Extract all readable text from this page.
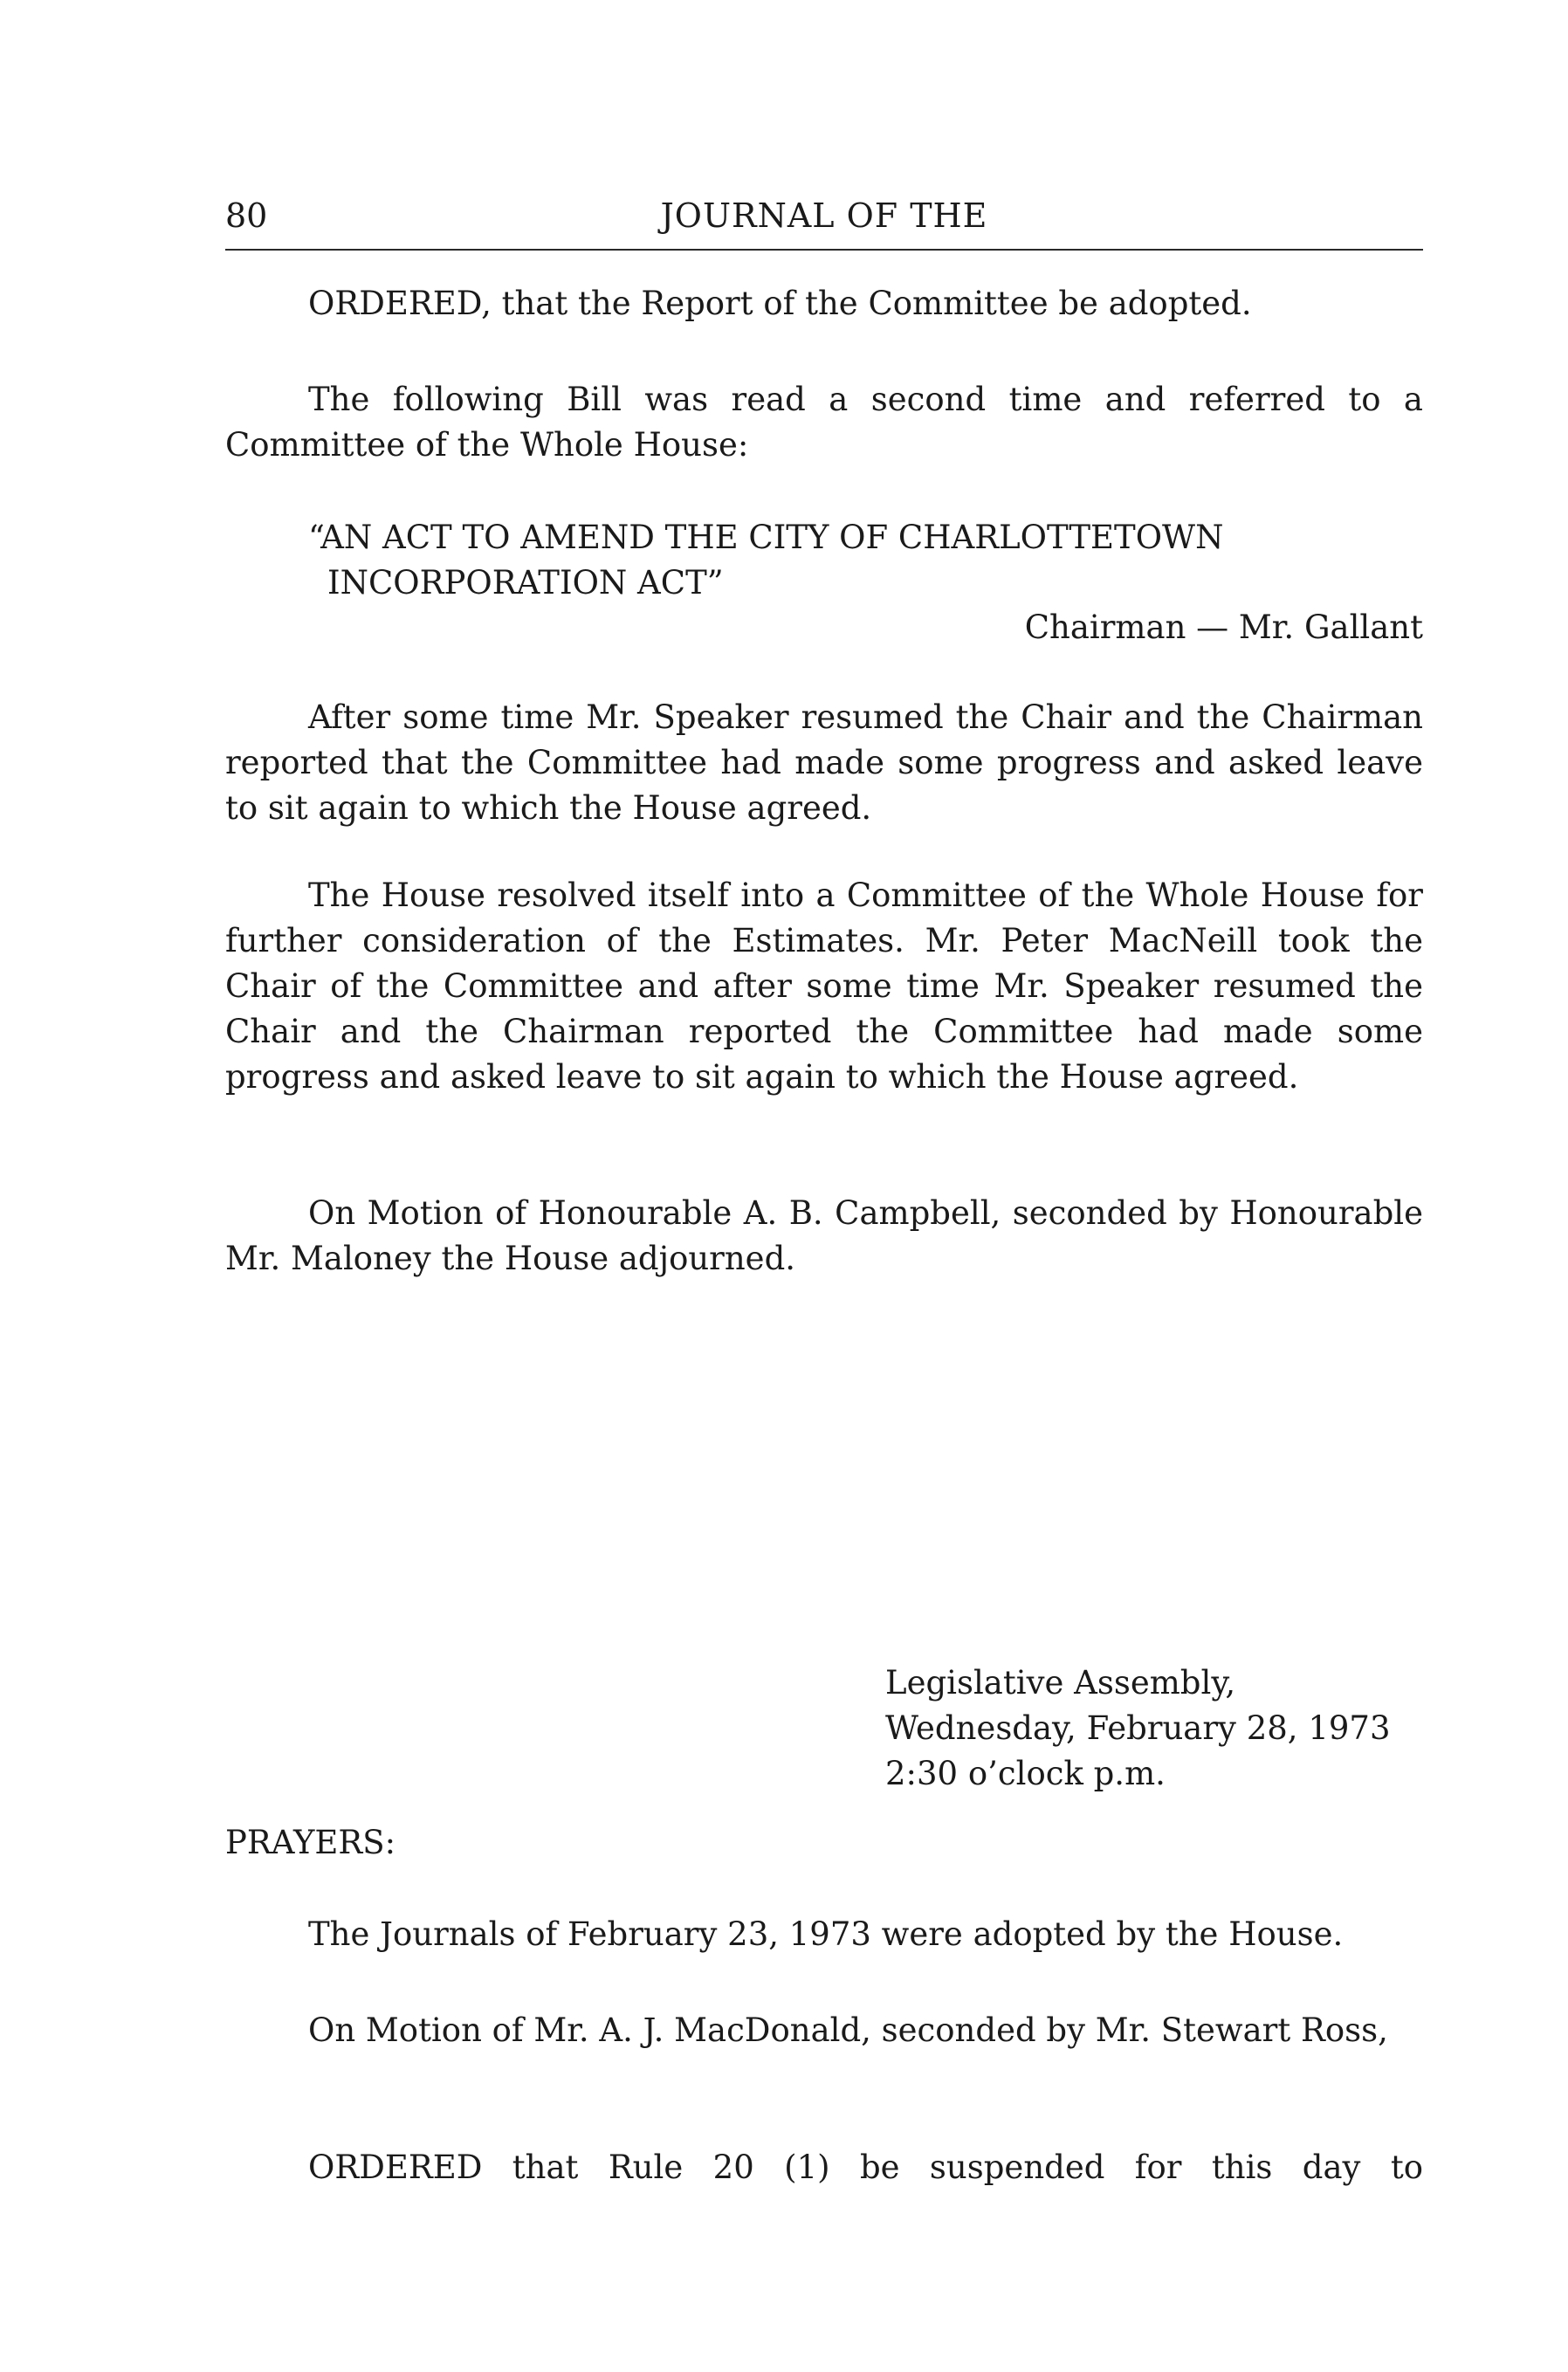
80	JOURNAL OF THE

ORDERED, that the Report of the Committee be adopted.

The following Bill was read a second time and referred to a Committee of the Whole House:

“AN ACT TO AMEND THE CITY OF CHARLOTTETOWN
INCORPORATION ACT”
Chairman — Mr. Gallant

After some time Mr. Speaker resumed the Chair and the Chairman reported that the Committee had made some progress and asked leave to sit again to which the House agreed.

The House resolved itself into a Committee of the Whole House for further consideration of the Estimates. Mr. Peter MacNeill took the Chair of the Committee and after some time Mr. Speaker resumed the Chair and the Chairman reported the Committee had made some progress and asked leave to sit again to which the House agreed.

On Motion of Honourable A. B. Campbell, seconded by Honourable Mr. Maloney the House adjourned.

Legislative Assembly,
Wednesday, February 28, 1973
2:30 o’clock p.m.
PRAYERS:

The Journals of February 23, 1973 were adopted by the House.

On Motion of Mr. A. J. MacDonald, seconded by Mr. Stewart Ross,

ORDERED that Rule 20 (1) be suspended for this day to
